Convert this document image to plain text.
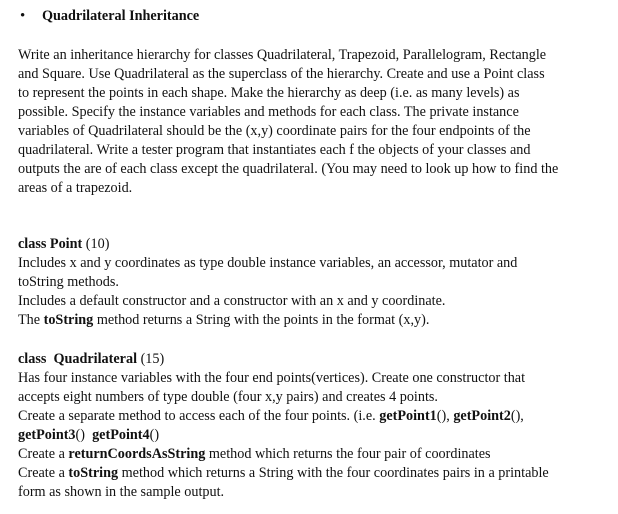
•	Quadrilateral Inheritance

Write an inheritance hierarchy for classes Quadrilateral, Trapezoid, Parallelogram, Rectangle
and Square. Use Quadrilateral as the superclass of the hierarchy. Create and use a Point class
to represent the points in each shape. Make the hierarchy as deep (i.e. as many levels) as
possible. Specify the instance variables and methods for each class. The private instance
variables of Quadrilateral should be the (x,y) coordinate pairs for the four endpoints of the
quadrilateral. Write a tester program that instantiates each f the objects of your classes and
outputs the are of each class except the quadrilateral. (You may need to look up how to find the
areas of a trapezoid.

class Point (10)
Includes x and y coordinates as type double instance variables, an accessor, mutator and
toString methods.
Includes a default constructor and a constructor with an x and y coordinate.
The toString method returns a String with the points in the format (x,y).

class Quadrilateral (15)
Has four instance variables with the four end points(vertices). Create one constructor that
accepts eight numbers of type double (four x,y pairs) and creates 4 points.
Create a separate method to access each of the four points. (i.e. getPoint1(), getPoint2(),
getPoint3()  getPoint4()
Create a returnCoordsAsString method which returns the four pair of coordinates
Create a toString method which returns a String with the four coordinates pairs in a printable
form as shown in the sample output.
